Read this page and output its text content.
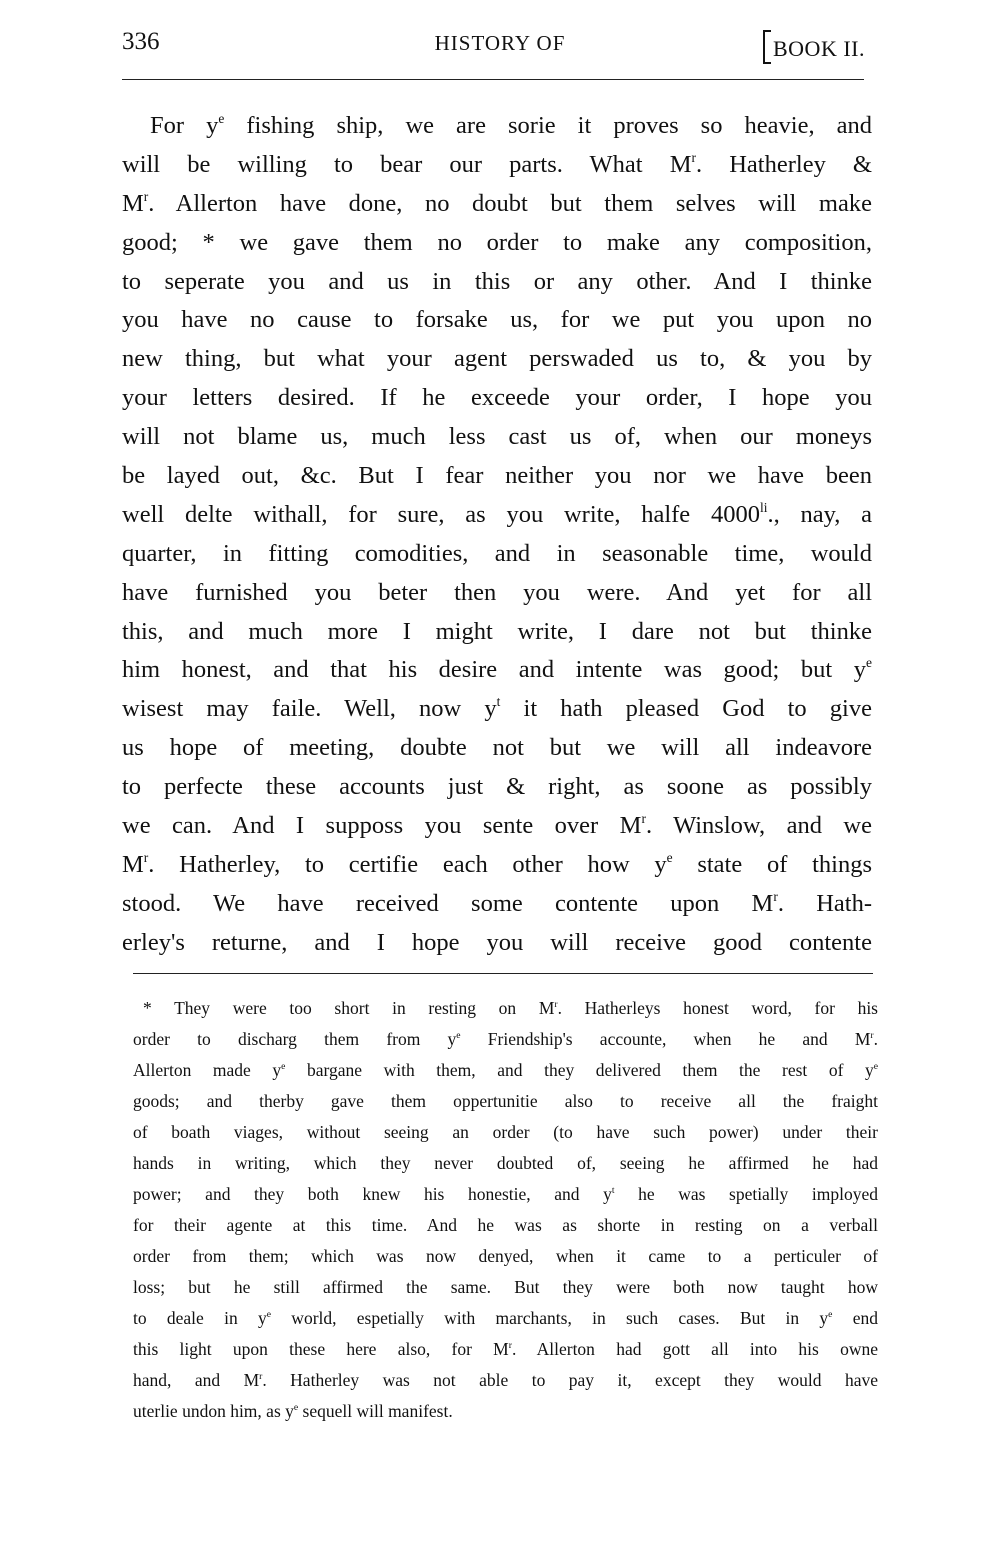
336	HISTORY OF	BOOK II.
For $y^e$ fishing ship, we are sorie it proves so heavie, and
will be willing to bear our parts. What $M^r$. Hatherley &
$M^r$. Allerton have done, no doubt but them selves will make
good; * we gave them no order to make any composition,
to seperate you and us in this or any other. And I thinke
you have no cause to forsake us, for we put you upon no
new thing, but what your agent perswaded us to, & you by
your letters desired. If he exceede your order, I hope you
will not blame us, much less cast us of, when our moneys
be layed out, &c. But I fear neither you nor we have been
well delte withall, for sure, as you write, halfe $4000^{li}$., nay, a
quarter, in fitting comodities, and in seasonable time, would
have furnished you beter then you were. And yet for all
this, and much more I might write, I dare not but thinke
him honest, and that his desire and intente was good; but $y^e$
wisest may faile. Well, now $y^t$ it hath pleased God to give
us hope of meeting, doubte not but we will all indeavore
to perfecte these accounts just & right, as soone as possibly
we can. And I supposs you sente over $M^r$. Winslow, and we
$M^r$. Hatherley, to certifie each other how $y^e$ state of things
stood. We have received some contente upon $M^r$. Hath-
erley's returne, and I hope you will receive good contente
* They were too short in resting on $M^r$. Hatherleys honest word, for his
order to discharg them from $y^e$ Friendship's accounte, when he and $M^r$.
Allerton made $y^e$ bargane with them, and they delivered them the rest of $y^e$
goods; and therby gave them oppertunitie also to receive all the fraight
of boath viages, without seeing an order (to have such power) under their
hands in writing, which they never doubted of, seeing he affirmed he had
power; and they both knew his honestie, and $y^t$ he was spetially imployed
for their agente at this time. And he was as shorte in resting on a verball
order from them; which was now denyed, when it came to a perticuler of
loss; but he still affirmed the same. But they were both now taught how
to deale in $y^e$ world, espetially with marchants, in such cases. But in $y^e$ end
this light upon these here also, for $M^r$. Allerton had gott all into his owne
hand, and $M^r$. Hatherley was not able to pay it, except they would have
uterlie undon him, as $y^e$ sequell will manifest.
